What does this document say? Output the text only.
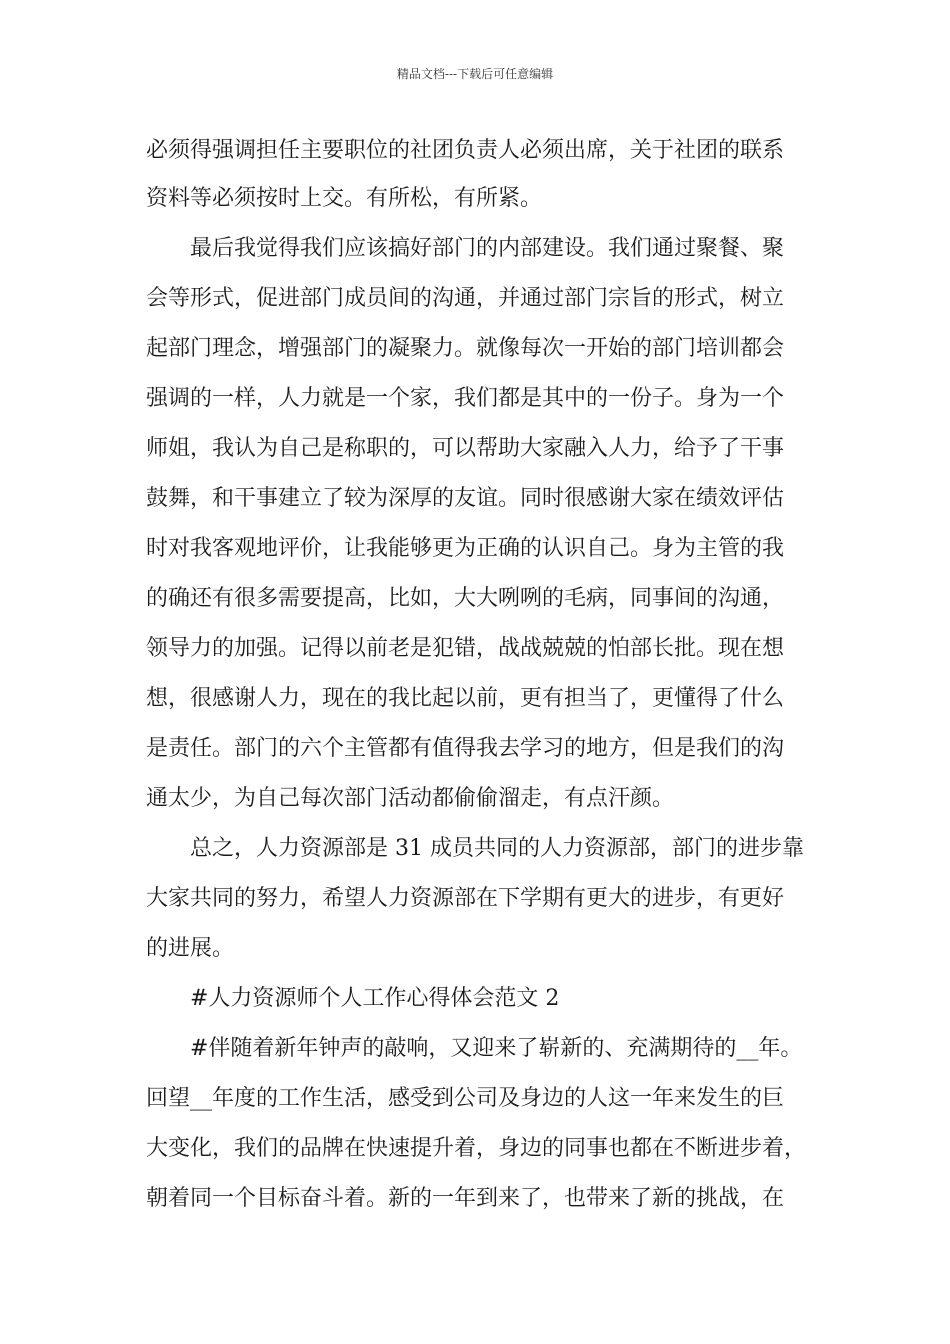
精品文档---下载后可任意编辑

必须得强调担任主要职位的社团负责人必须出席，关于社团的联系

资料等必须按时上交。有所松，有所紧。

　　最后我觉得我们应该搞好部门的内部建设。我们通过聚餐、聚

会等形式，促进部门成员间的沟通，并通过部门宗旨的形式，树立

起部门理念，增强部门的凝聚力。就像每次一开始的部门培训都会

强调的一样，人力就是一个家，我们都是其中的一份子。身为一个

师姐，我认为自己是称职的，可以帮助大家融入人力，给予了干事

鼓舞，和干事建立了较为深厚的友谊。同时很感谢大家在绩效评估

时对我客观地评价，让我能够更为正确的认识自己。身为主管的我

的确还有很多需要提高，比如，大大咧咧的毛病，同事间的沟通，

领导力的加强。记得以前老是犯错，战战兢兢的怕部长批。现在想

想，很感谢人力，现在的我比起以前，更有担当了，更懂得了什么

是责任。部门的六个主管都有值得我去学习的地方，但是我们的沟

通太少，为自己每次部门活动都偷偷溜走，有点汗颜。

　　总之，人力资源部是 31 成员共同的人力资源部，部门的进步靠

大家共同的努力，希望人力资源部在下学期有更大的进步，有更好

的进展。

　　#人力资源师个人工作心得体会范文 2

　　#伴随着新年钟声的敲响，又迎来了崭新的、充满期待的__年。

回望__年度的工作生活，感受到公司及身边的人这一年来发生的巨

大变化，我们的品牌在快速提升着，身边的同事也都在不断进步着，

朝着同一个目标奋斗着。新的一年到来了，也带来了新的挑战，在
